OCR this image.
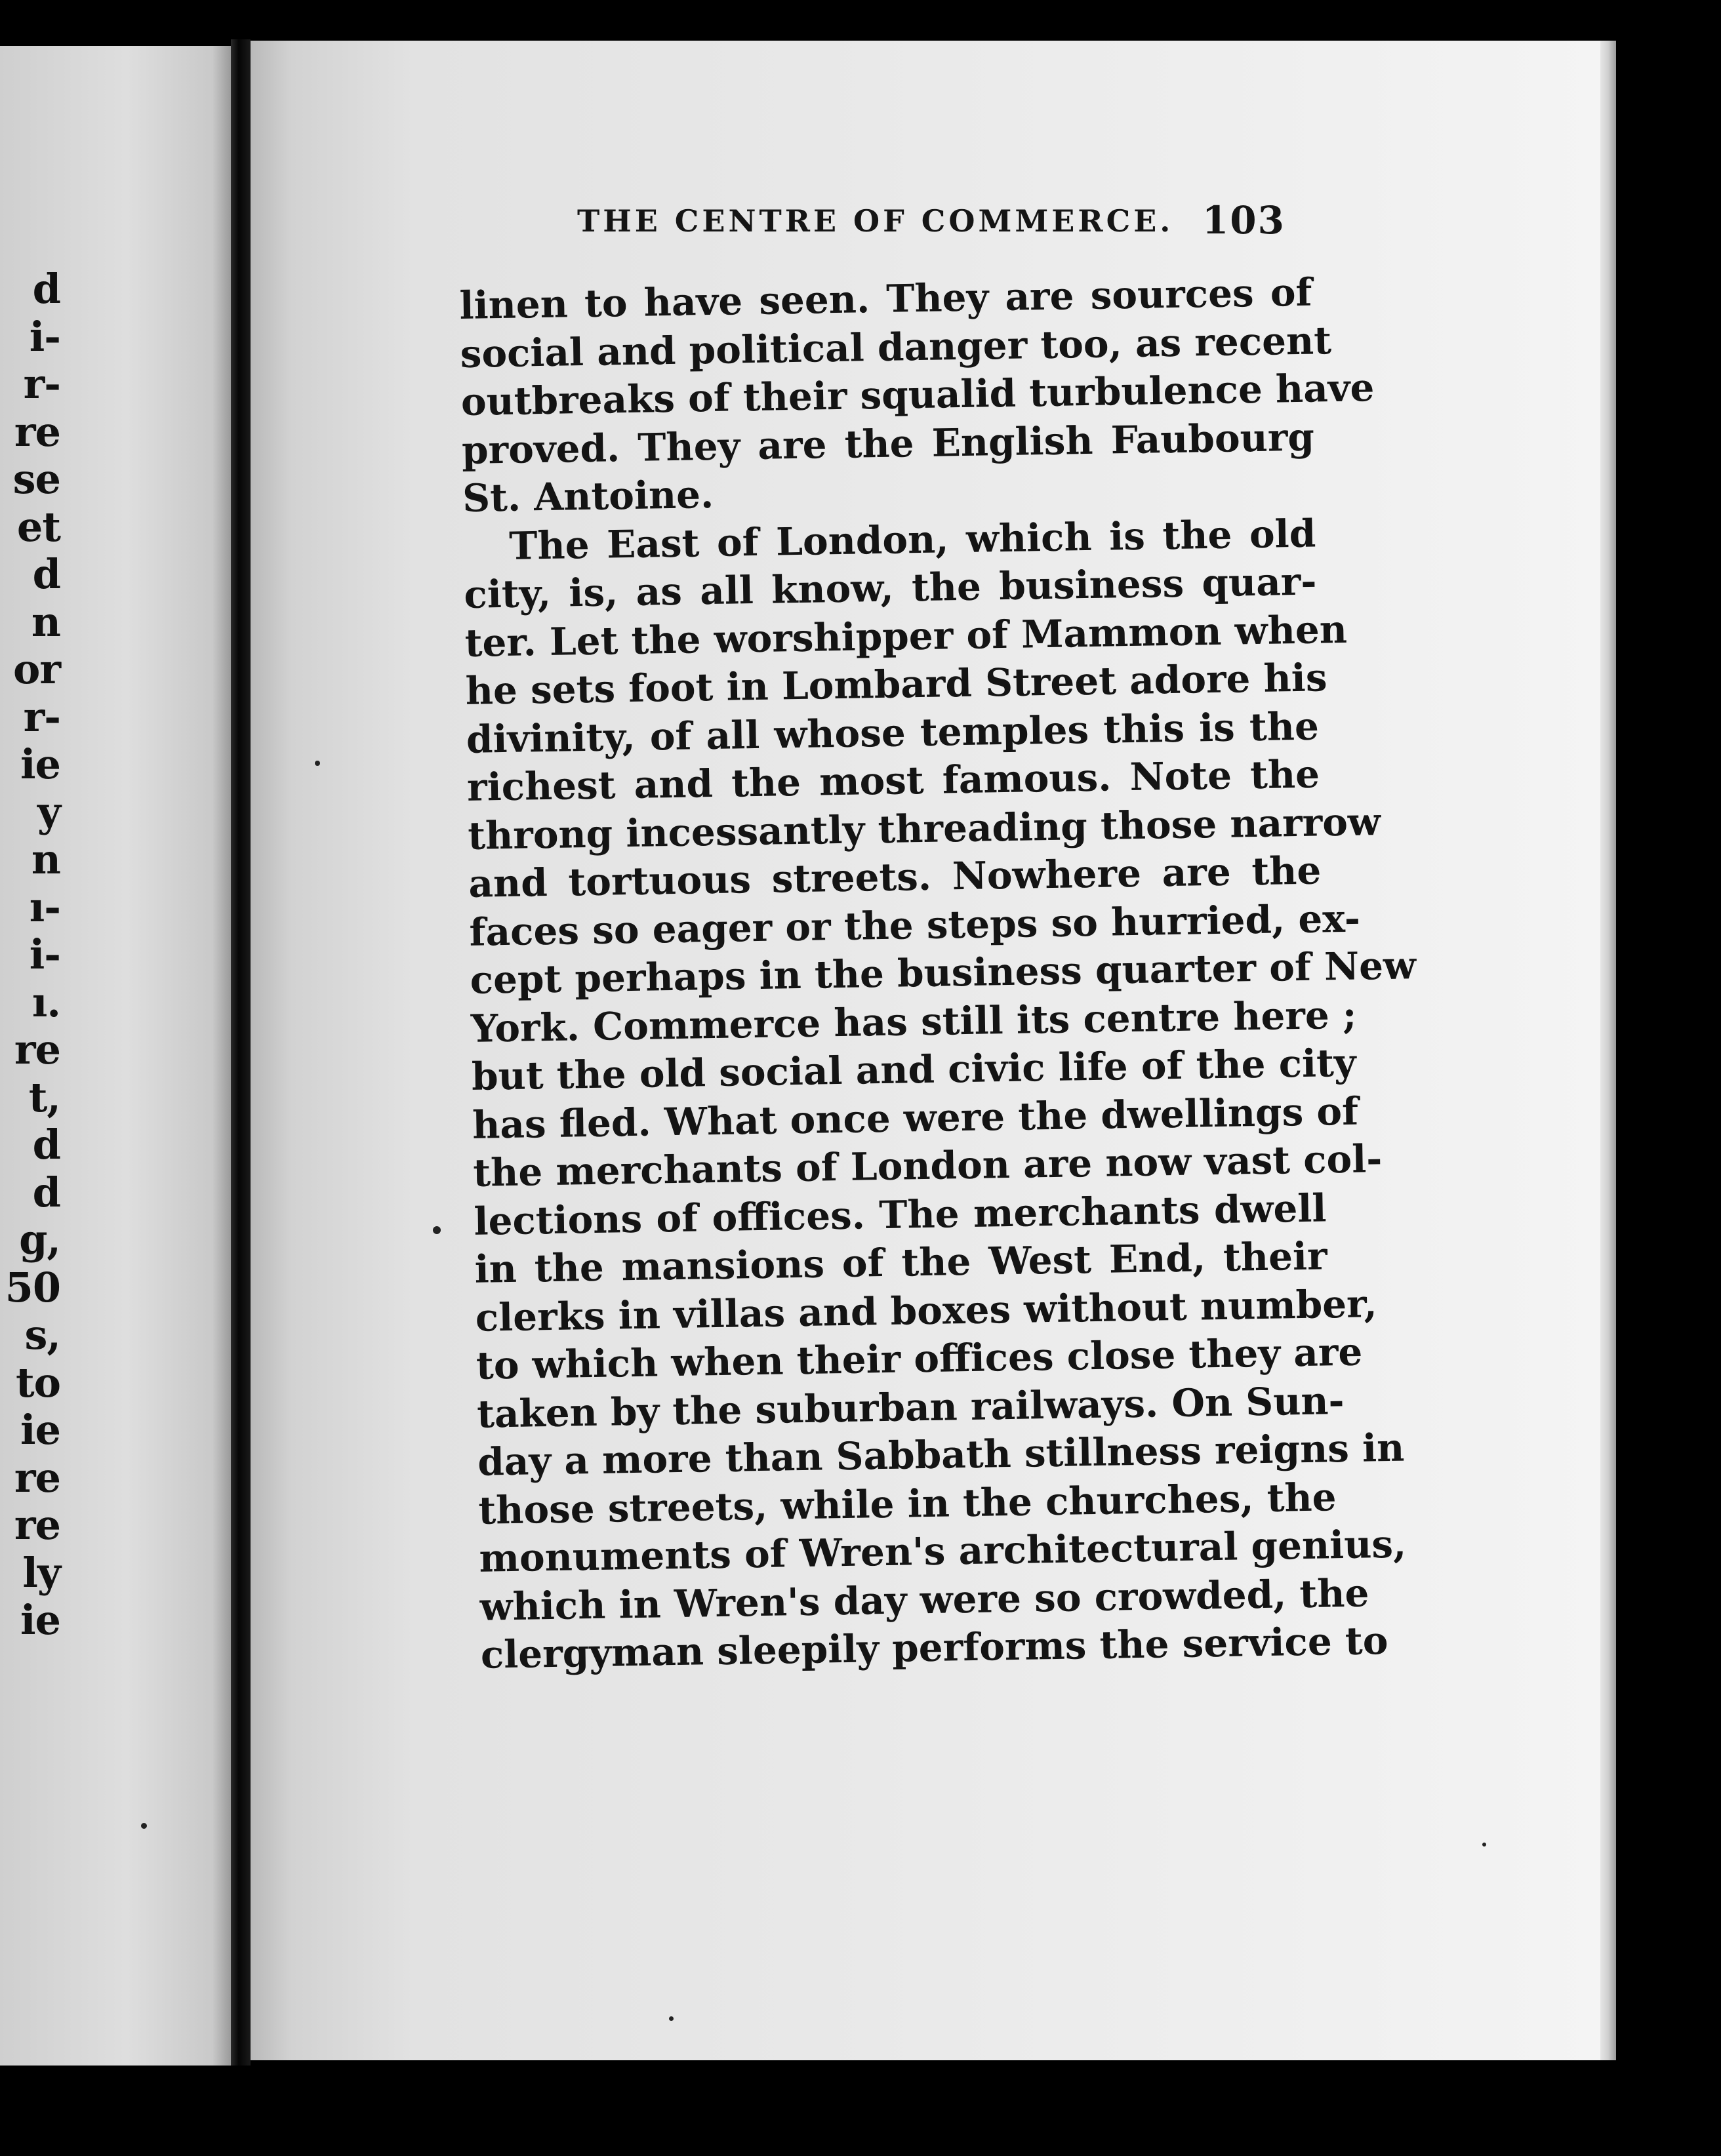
d
i-
r-
re
se
et
d
n
or
r-
ie
y
n
ı-
i-
ı.
re
t,
d
d
g,
50
s,
to
ie
re
re
ly
ie
THE CENTRE OF COMMERCE. 103
linen to have seen. They are sources of
social and political danger too, as recent
outbreaks of their squalid turbulence have
proved. They are the English Faubourg
St. Antoine.
The East of London, which is the old
city, is, as all know, the business quar-
ter. Let the worshipper of Mammon when
he sets foot in Lombard Street adore his
divinity, of all whose temples this is the
richest and the most famous. Note the
throng incessantly threading those narrow
and tortuous streets. Nowhere are the
faces so eager or the steps so hurried, ex-
cept perhaps in the business quarter of New
York. Commerce has still its centre here ;
but the old social and civic life of the city
has fled. What once were the dwellings of
the merchants of London are now vast col-
lections of offices. The merchants dwell
in the mansions of the West End, their
clerks in villas and boxes without number,
to which when their offices close they are
taken by the suburban railways. On Sun-
day a more than Sabbath stillness reigns in
those streets, while in the churches, the
monuments of Wren's architectural genius,
which in Wren's day were so crowded, the
clergyman sleepily performs the service to
